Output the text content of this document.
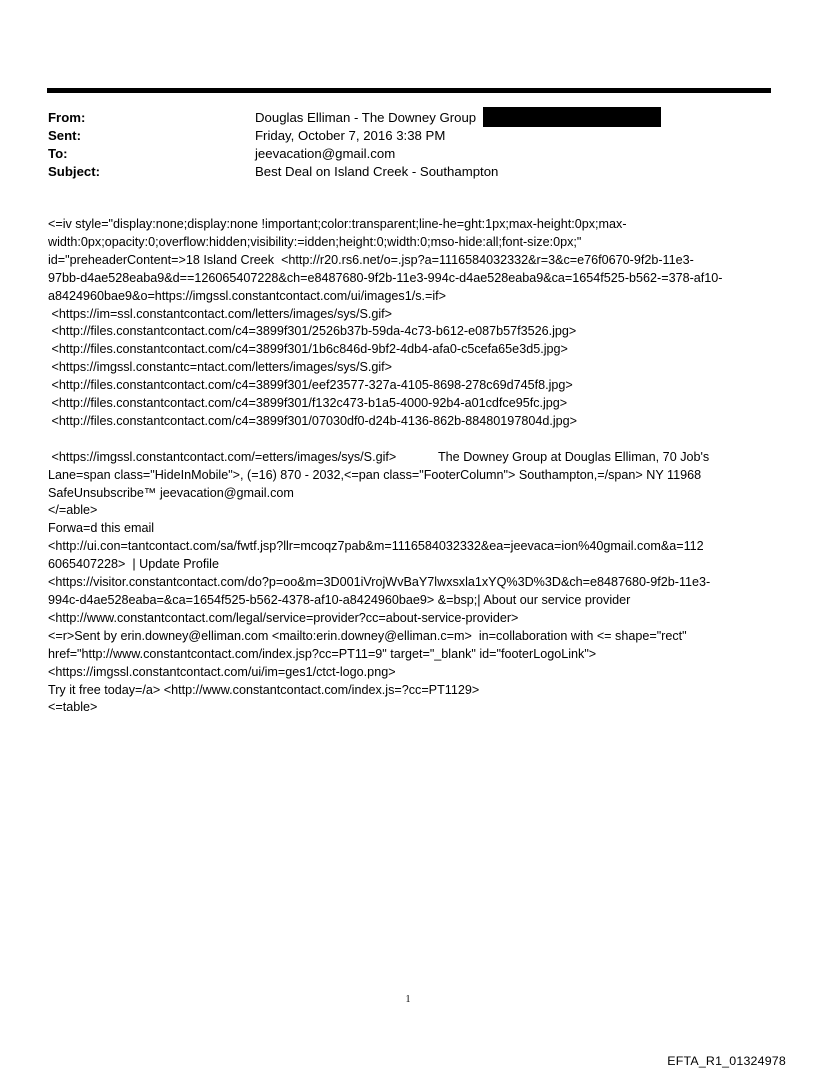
From:	Douglas Elliman - The Downey Group
Sent:	Friday, October 7, 2016 3:38 PM
To:	jeevacation@gmail.com
Subject:	Best Deal on Island Creek - Southampton

<=iv style="display:none;display:none !important;color:transparent;line-he=ght:1px;max-height:0px;max-

width:0px;opacity:0;overflow:hidden;visibility:=idden;height:0;width:0;mso-hide:all;font-size:0px;"

id="preheaderContent=>18 Island Creek  <http://r20.rs6.net/o=.jsp?a=1116584032332&r=3&c=e76f0670-9f2b-11e3-

97bb-d4ae528eaba9&d==126065407228&ch=e8487680-9f2b-11e3-994c-d4ae528eaba9&ca=1654f525-b562-=378-af10-

a8424960bae9&o=https://imgssl.constantcontact.com/ui/images1/s.=if>

<https://im=ssl.constantcontact.com/letters/images/sys/S.gif>

<http://files.constantcontact.com/c4=3899f301/2526b37b-59da-4c73-b612-e087b57f3526.jpg>

<http://files.constantcontact.com/c4=3899f301/1b6c846d-9bf2-4db4-afa0-c5cefa65e3d5.jpg>

<https://imgssl.constantc=ntact.com/letters/images/sys/S.gif>

<http://files.constantcontact.com/c4=3899f301/eef23577-327a-4105-8698-278c69d745f8.jpg>

<http://files.constantcontact.com/c4=3899f301/f132c473-b1a5-4000-92b4-a01cdfce95fc.jpg>

<http://files.constantcontact.com/c4=3899f301/07030df0-d24b-4136-862b-88480197804d.jpg>

<https://imgssl.constantcontact.com/=etters/images/sys/S.gif>            The Downey Group at Douglas Elliman, 70 Job's

Lane=span class="HideInMobile">, (=16) 870 - 2032,<=pan class="FooterColumn"> Southampton,=/span> NY 11968

SafeUnsubscribe™ jeevacation@gmail.com

</=able>

Forwa=d this email

<http://ui.con=tantcontact.com/sa/fwtf.jsp?llr=mcoqz7pab&m=1116584032332&ea=jeevaca=ion%40gmail.com&a=112

6065407228>  | Update Profile

<https://visitor.constantcontact.com/do?p=oo&m=3D001iVrojWvBaY7lwxsxla1xYQ%3D%3D&ch=e8487680-9f2b-11e3-

994c-d4ae528eaba=&ca=1654f525-b562-4378-af10-a8424960bae9> &=bsp;| About our service provider

<http://www.constantcontact.com/legal/service=provider?cc=about-service-provider>

<=r>Sent by erin.downey@elliman.com <mailto:erin.downey@elliman.c=m>  in=collaboration with <= shape="rect"

href="http://www.constantcontact.com/index.jsp?cc=PT11=9" target="_blank" id="footerLogoLink">

<https://imgssl.constantcontact.com/ui/im=ges1/ctct-logo.png>

Try it free today=/a> <http://www.constantcontact.com/index.js=?cc=PT1129>

<=table>

1
EFTA_R1_01324978
